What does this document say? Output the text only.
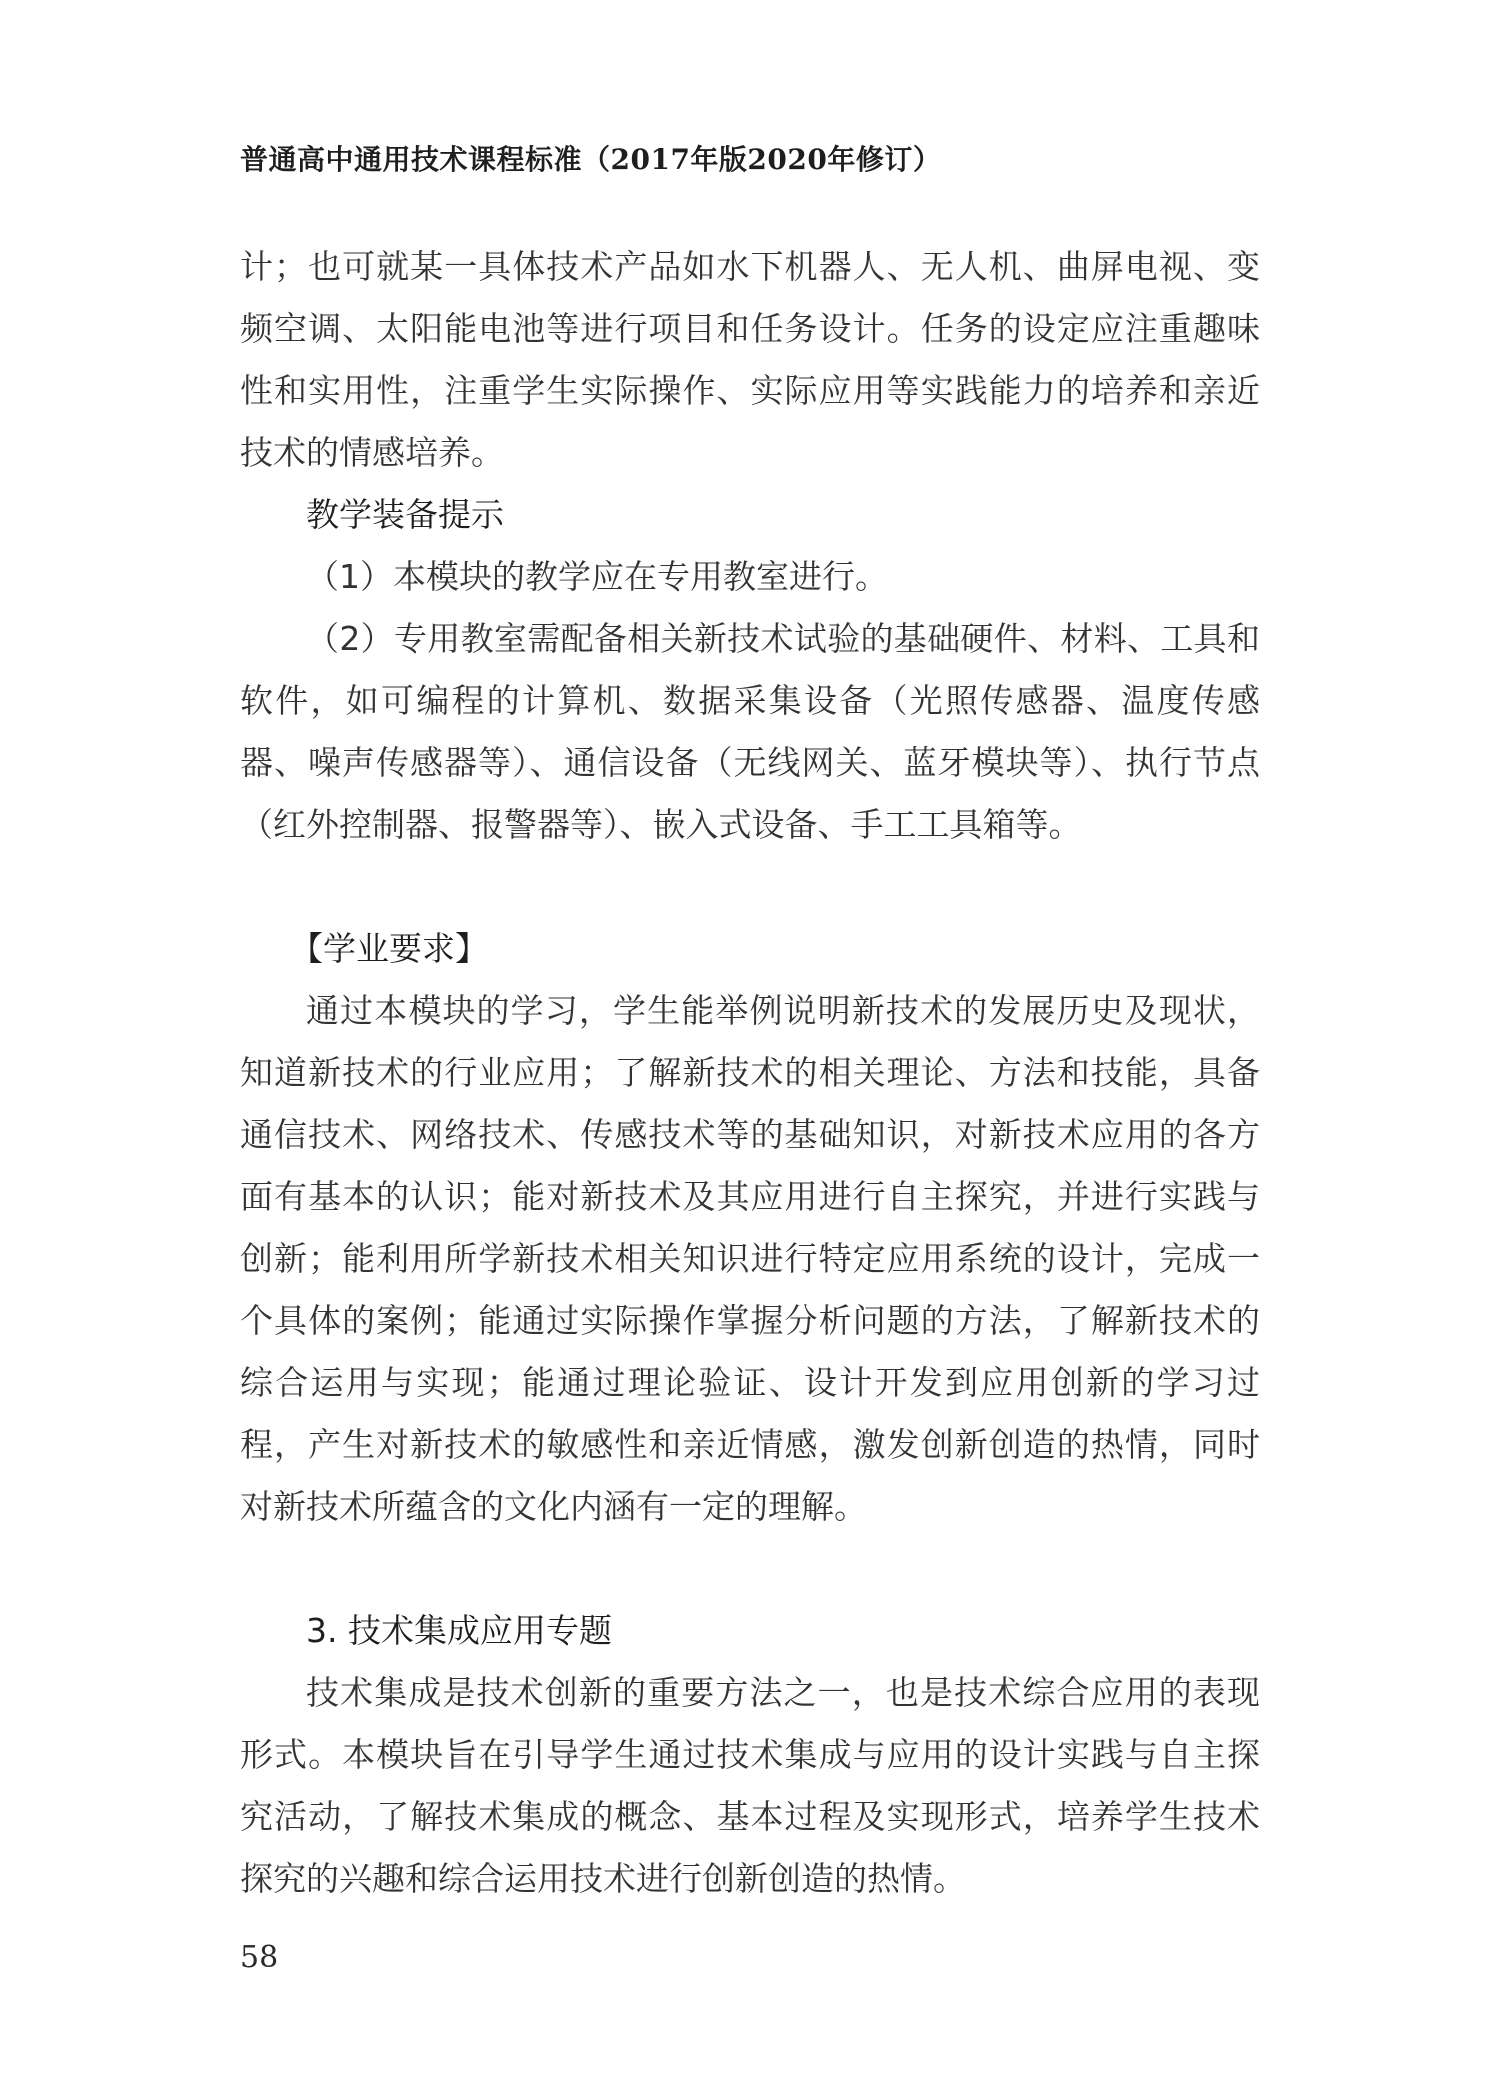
普通高中通用技术课程标准（2017年版2020年修订）

计；也可就某一具体技术产品如水下机器人、无人机、曲屏电视、变频空调、太阳能电池等进行项目和任务设计。任务的设定应注重趣味性和实用性，注重学生实际操作、实际应用等实践能力的培养和亲近技术的情感培养。

教学装备提示

（1）本模块的教学应在专用教室进行。

（2）专用教室需配备相关新技术试验的基础硬件、材料、工具和软件，如可编程的计算机、数据采集设备（光照传感器、温度传感器、噪声传感器等）、通信设备（无线网关、蓝牙模块等）、执行节点（红外控制器、报警器等）、嵌入式设备、手工工具箱等。

【学业要求】

通过本模块的学习，学生能举例说明新技术的发展历史及现状，知道新技术的行业应用；了解新技术的相关理论、方法和技能，具备通信技术、网络技术、传感技术等的基础知识，对新技术应用的各方面有基本的认识；能对新技术及其应用进行自主探究，并进行实践与创新；能利用所学新技术相关知识进行特定应用系统的设计，完成一个具体的案例；能通过实际操作掌握分析问题的方法，了解新技术的综合运用与实现；能通过理论验证、设计开发到应用创新的学习过程，产生对新技术的敏感性和亲近情感，激发创新创造的热情，同时对新技术所蕴含的文化内涵有一定的理解。

3. 技术集成应用专题

技术集成是技术创新的重要方法之一，也是技术综合应用的表现形式。本模块旨在引导学生通过技术集成与应用的设计实践与自主探究活动，了解技术集成的概念、基本过程及实现形式，培养学生技术探究的兴趣和综合运用技术进行创新创造的热情。

58
